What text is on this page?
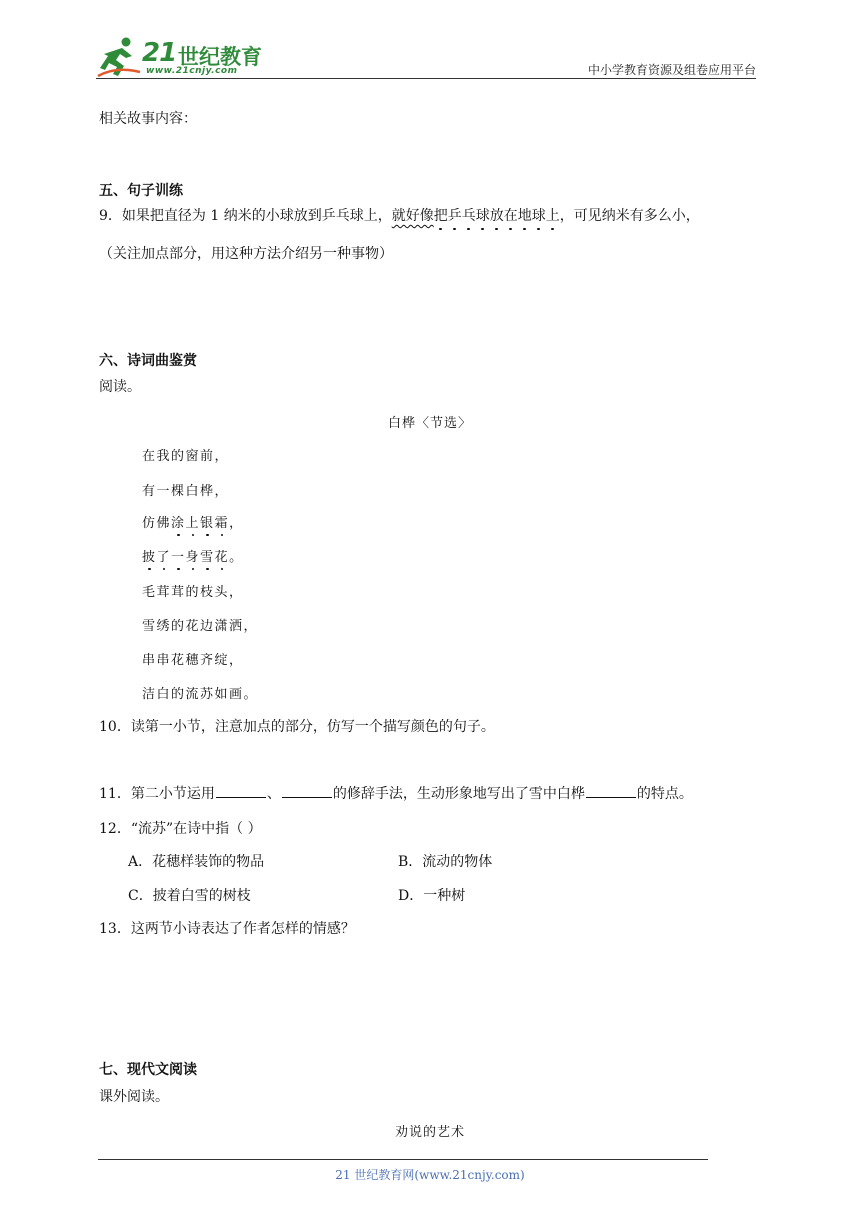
21 世纪教育
www.21cnjy.com	中小学教育资源及组卷应用平台
相关故事内容：
五、句子训练
9．如果把直径为 1 纳米的小球放到乒乓球上，就好像把乒乓球放在地球上，可见纳米有多么小，
（关注加点部分，用这种方法介绍另一种事物）
六、诗词曲鉴赏
阅读。
白桦〈节选〉
在我的窗前，
有一棵白桦，
仿佛涂上银霜，
披了一身雪花。
毛茸茸的枝头，
雪绣的花边潇洒，
串串花穗齐绽，
洁白的流苏如画。
10．读第一小节，注意加点的部分，仿写一个描写颜色的句子。
11．第二小节运用	、	的修辞手法，生动形象地写出了雪中白桦	的特点。
12．“流苏”在诗中指（ ）
A．花穗样装饰的物品	B．流动的物体
C．披着白雪的树枝	D．一种树
13．这两节小诗表达了作者怎样的情感？
七、现代文阅读
课外阅读。
劝说的艺术
21 世纪教育网(www.21cnjy.com)
